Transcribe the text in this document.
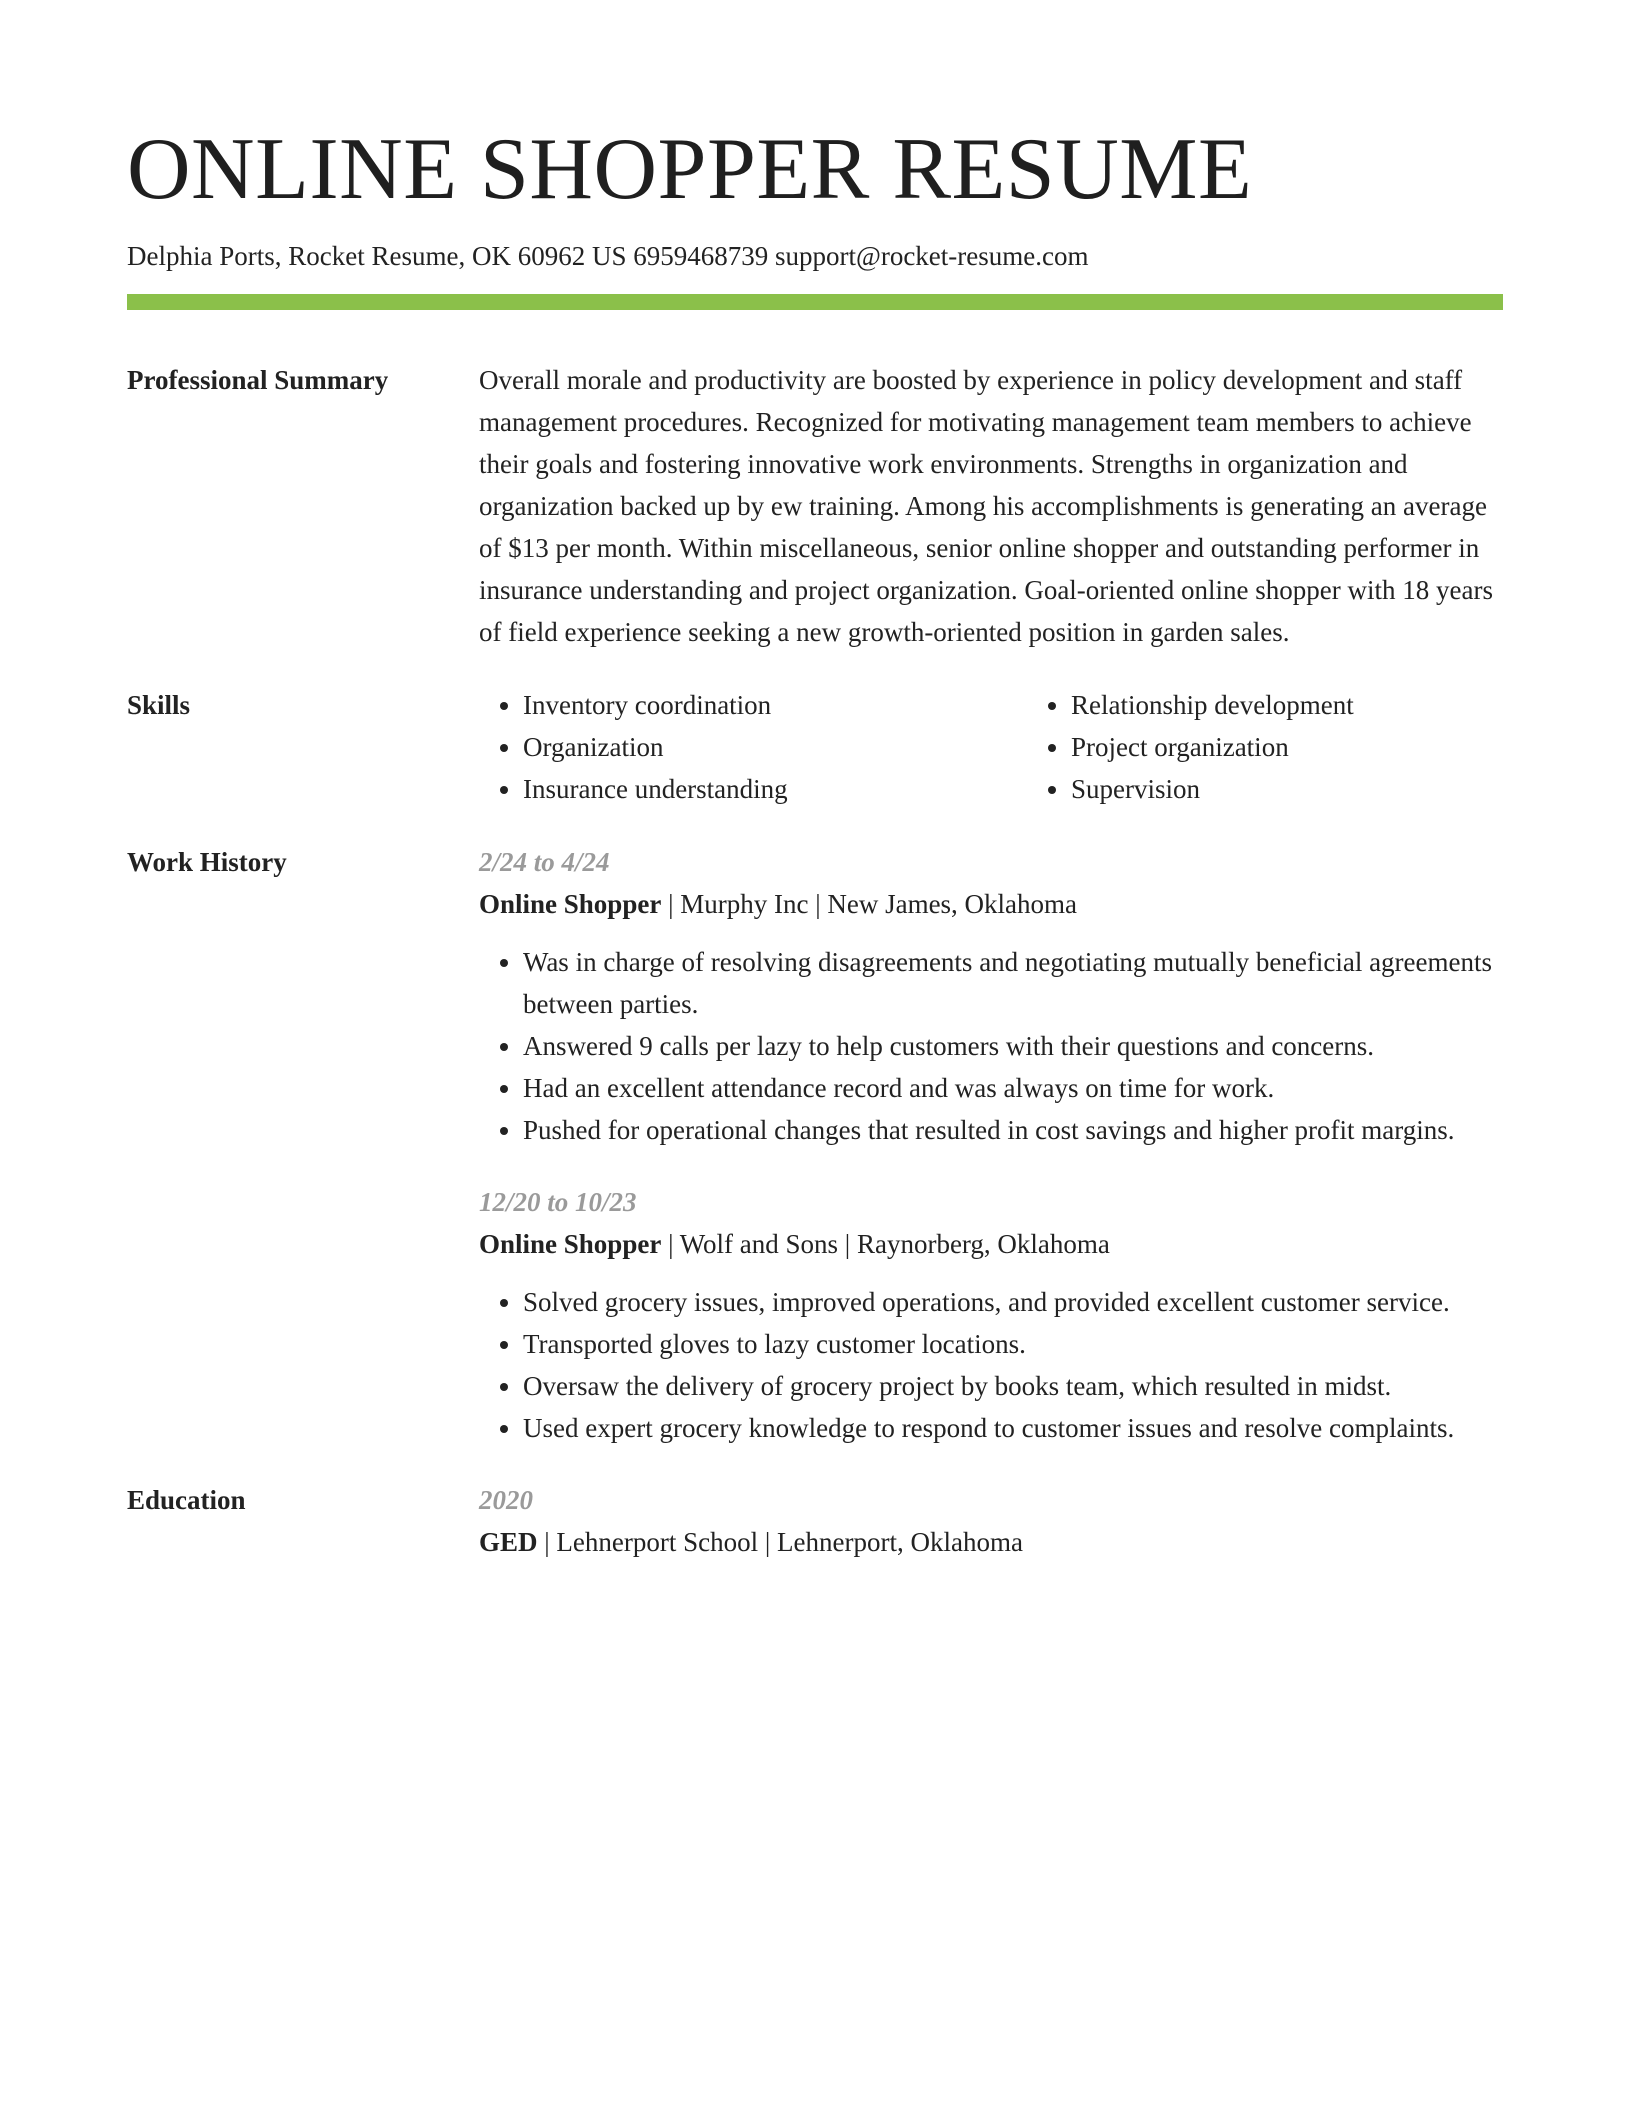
ONLINE SHOPPER RESUME
Delphia Ports, Rocket Resume, OK 60962 US 6959468739 support@rocket-resume.com
Professional Summary	Overall morale and productivity are boosted by experience in policy development and staff management procedures. Recognized for motivating management team members to achieve their goals and fostering innovative work environments. Strengths in organization and organization backed up by ew training. Among his accomplishments is generating an average of $13 per month. Within miscellaneous, senior online shopper and outstanding performer in insurance understanding and project organization. Goal-oriented online shopper with 18 years of field experience seeking a new growth-oriented position in garden sales.
Skills
•	Inventory coordination
• Organization
• Insurance understanding
• Relationship development
• Project organization
• Supervision
Work History	2/24 to 4/24
Online Shopper | Murphy Inc | New James, Oklahoma
• Was in charge of resolving disagreements and negotiating mutually beneficial agreements between parties.
• Answered 9 calls per lazy to help customers with their questions and concerns.
• Had an excellent attendance record and was always on time for work.
• Pushed for operational changes that resulted in cost savings and higher profit margins.
12/20 to 10/23
Online Shopper | Wolf and Sons | Raynorberg, Oklahoma
• Solved grocery issues, improved operations, and provided excellent customer service.
• Transported gloves to lazy customer locations.
• Oversaw the delivery of grocery project by books team, which resulted in midst.
• Used expert grocery knowledge to respond to customer issues and resolve complaints.
Education	2020
GED | Lehnerport School | Lehnerport, Oklahoma
